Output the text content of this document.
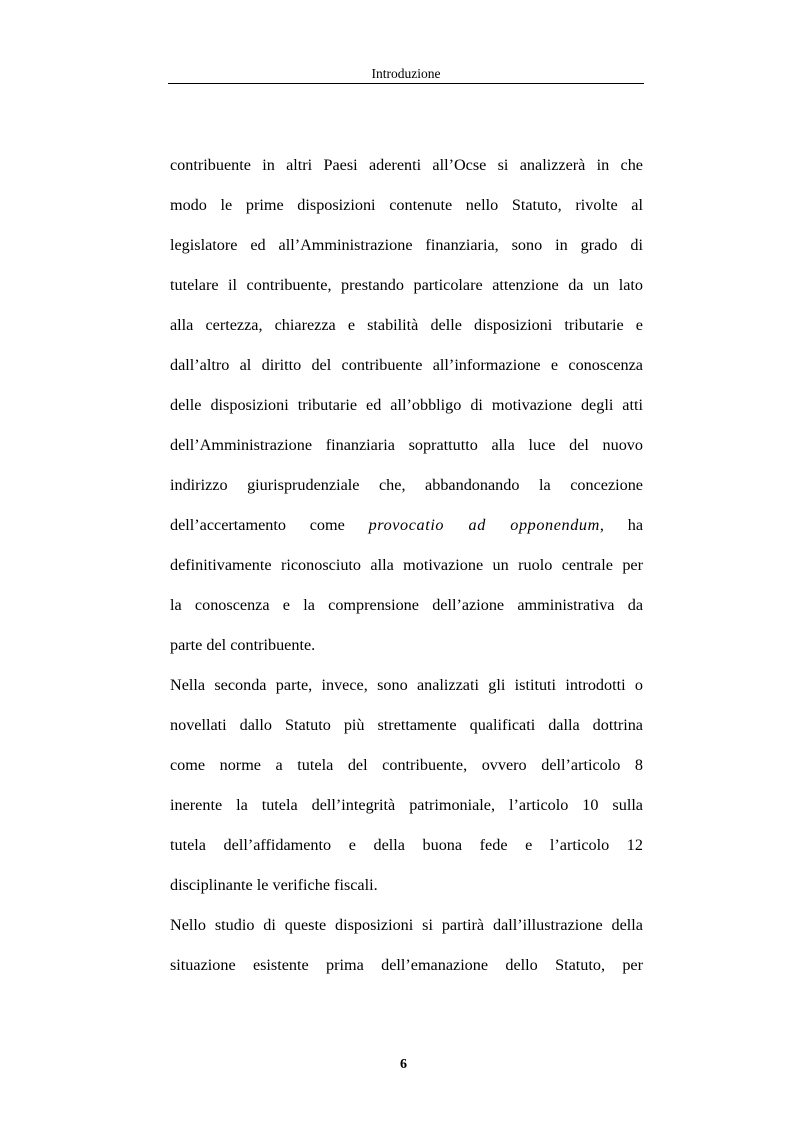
Introduzione

contribuente in altri Paesi aderenti all’Ocse si analizzerà in che
modo le prime disposizioni contenute nello Statuto, rivolte al
legislatore ed all’Amministrazione finanziaria, sono in grado di
tutelare il contribuente, prestando particolare attenzione da un lato
alla certezza, chiarezza e stabilità delle disposizioni tributarie e
dall’altro al diritto del contribuente all’informazione e conoscenza
delle disposizioni tributarie ed all’obbligo di motivazione degli atti
dell’Amministrazione finanziaria soprattutto alla luce del nuovo
indirizzo giurisprudenziale che, abbandonando la concezione
dell’accertamento come provocatio ad opponendum, ha
definitivamente riconosciuto alla motivazione un ruolo centrale per
la conoscenza e la comprensione dell’azione amministrativa da
parte del contribuente.

Nella seconda parte, invece, sono analizzati gli istituti introdotti o
novellati dallo Statuto più strettamente qualificati dalla dottrina
come norme a tutela del contribuente, ovvero dell’articolo 8
inerente la tutela dell’integrità patrimoniale, l’articolo 10 sulla
tutela dell’affidamento e della buona fede e l’articolo 12
disciplinante le verifiche fiscali.

Nello studio di queste disposizioni si partirà dall’illustrazione della
situazione esistente prima dell’emanazione dello Statuto, per

6
